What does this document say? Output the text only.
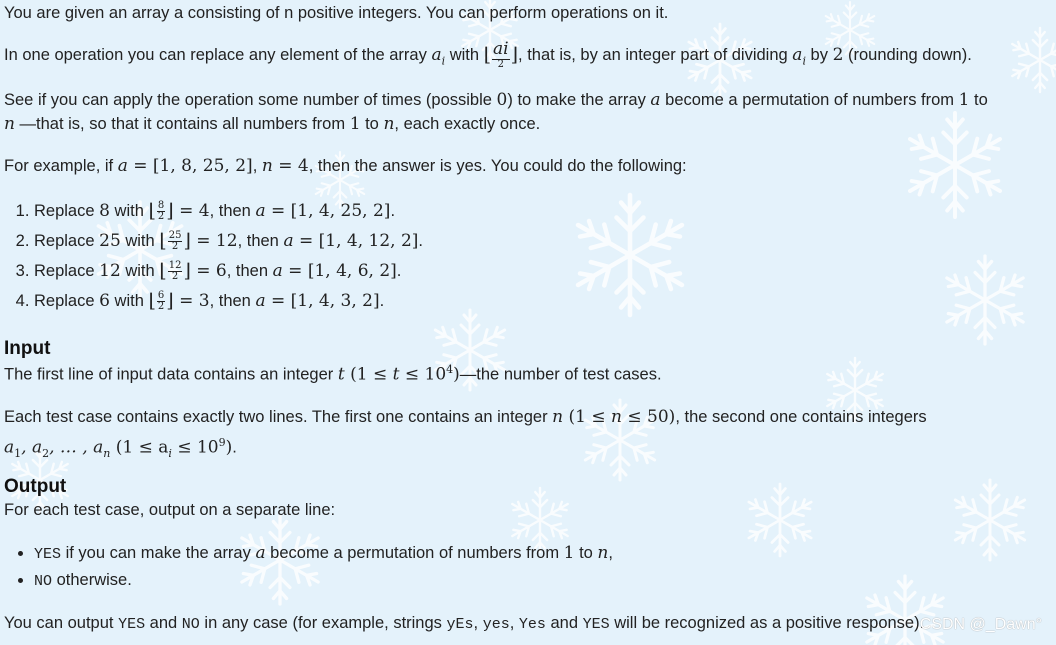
You are given an array a consisting of n positive integers. You can perform operations on it.

In one operation you can replace any element of the array $a_i$ with ⌊ $\frac{ai}{2}$ ⌋, that is, by an integer part of dividing $a_i$ by 2 (rounding down).

See if you can apply the operation some number of times (possible 0) to make the array a become a permutation of numbers from 1 to
n —that is, so that it contains all numbers from 1 to n, each exactly once.

For example, if a = [1, 8, 25, 2], n = 4, then the answer is yes. You could do the following:

1. Replace 8 with ⌊ $\frac{8}{2}$ ⌋ = 4, then a = [1, 4, 25, 2].
2. Replace 25 with ⌊ $\frac{25}{2}$ ⌋ = 12, then a = [1, 4, 12, 2].
3. Replace 12 with ⌊ $\frac{12}{2}$ ⌋ = 6, then a = [1, 4, 6, 2].
4. Replace 6 with ⌊ $\frac{6}{2}$ ⌋ = 3, then a = [1, 4, 3, 2].
Input

The first line of input data contains an integer t $(1 \le t \le 10^4)—the$ number of test cases.

Each test case contains exactly two lines. The first one contains an integer n (1 ≤ n ≤ 50), the second one contains integers
$a_1$, $a_2$, … , $a_n$ $(1 \le a_i \le 10^9)$.

Output

For each test case, output on a separate line:

• YES if you can make the array a become a permutation of numbers from 1 to n,
• NO otherwise.

You can output YES and NO in any case (for example, strings yEs, yes, Yes and YES will be recognized as a positive response).

CSDN @_Dawn°
